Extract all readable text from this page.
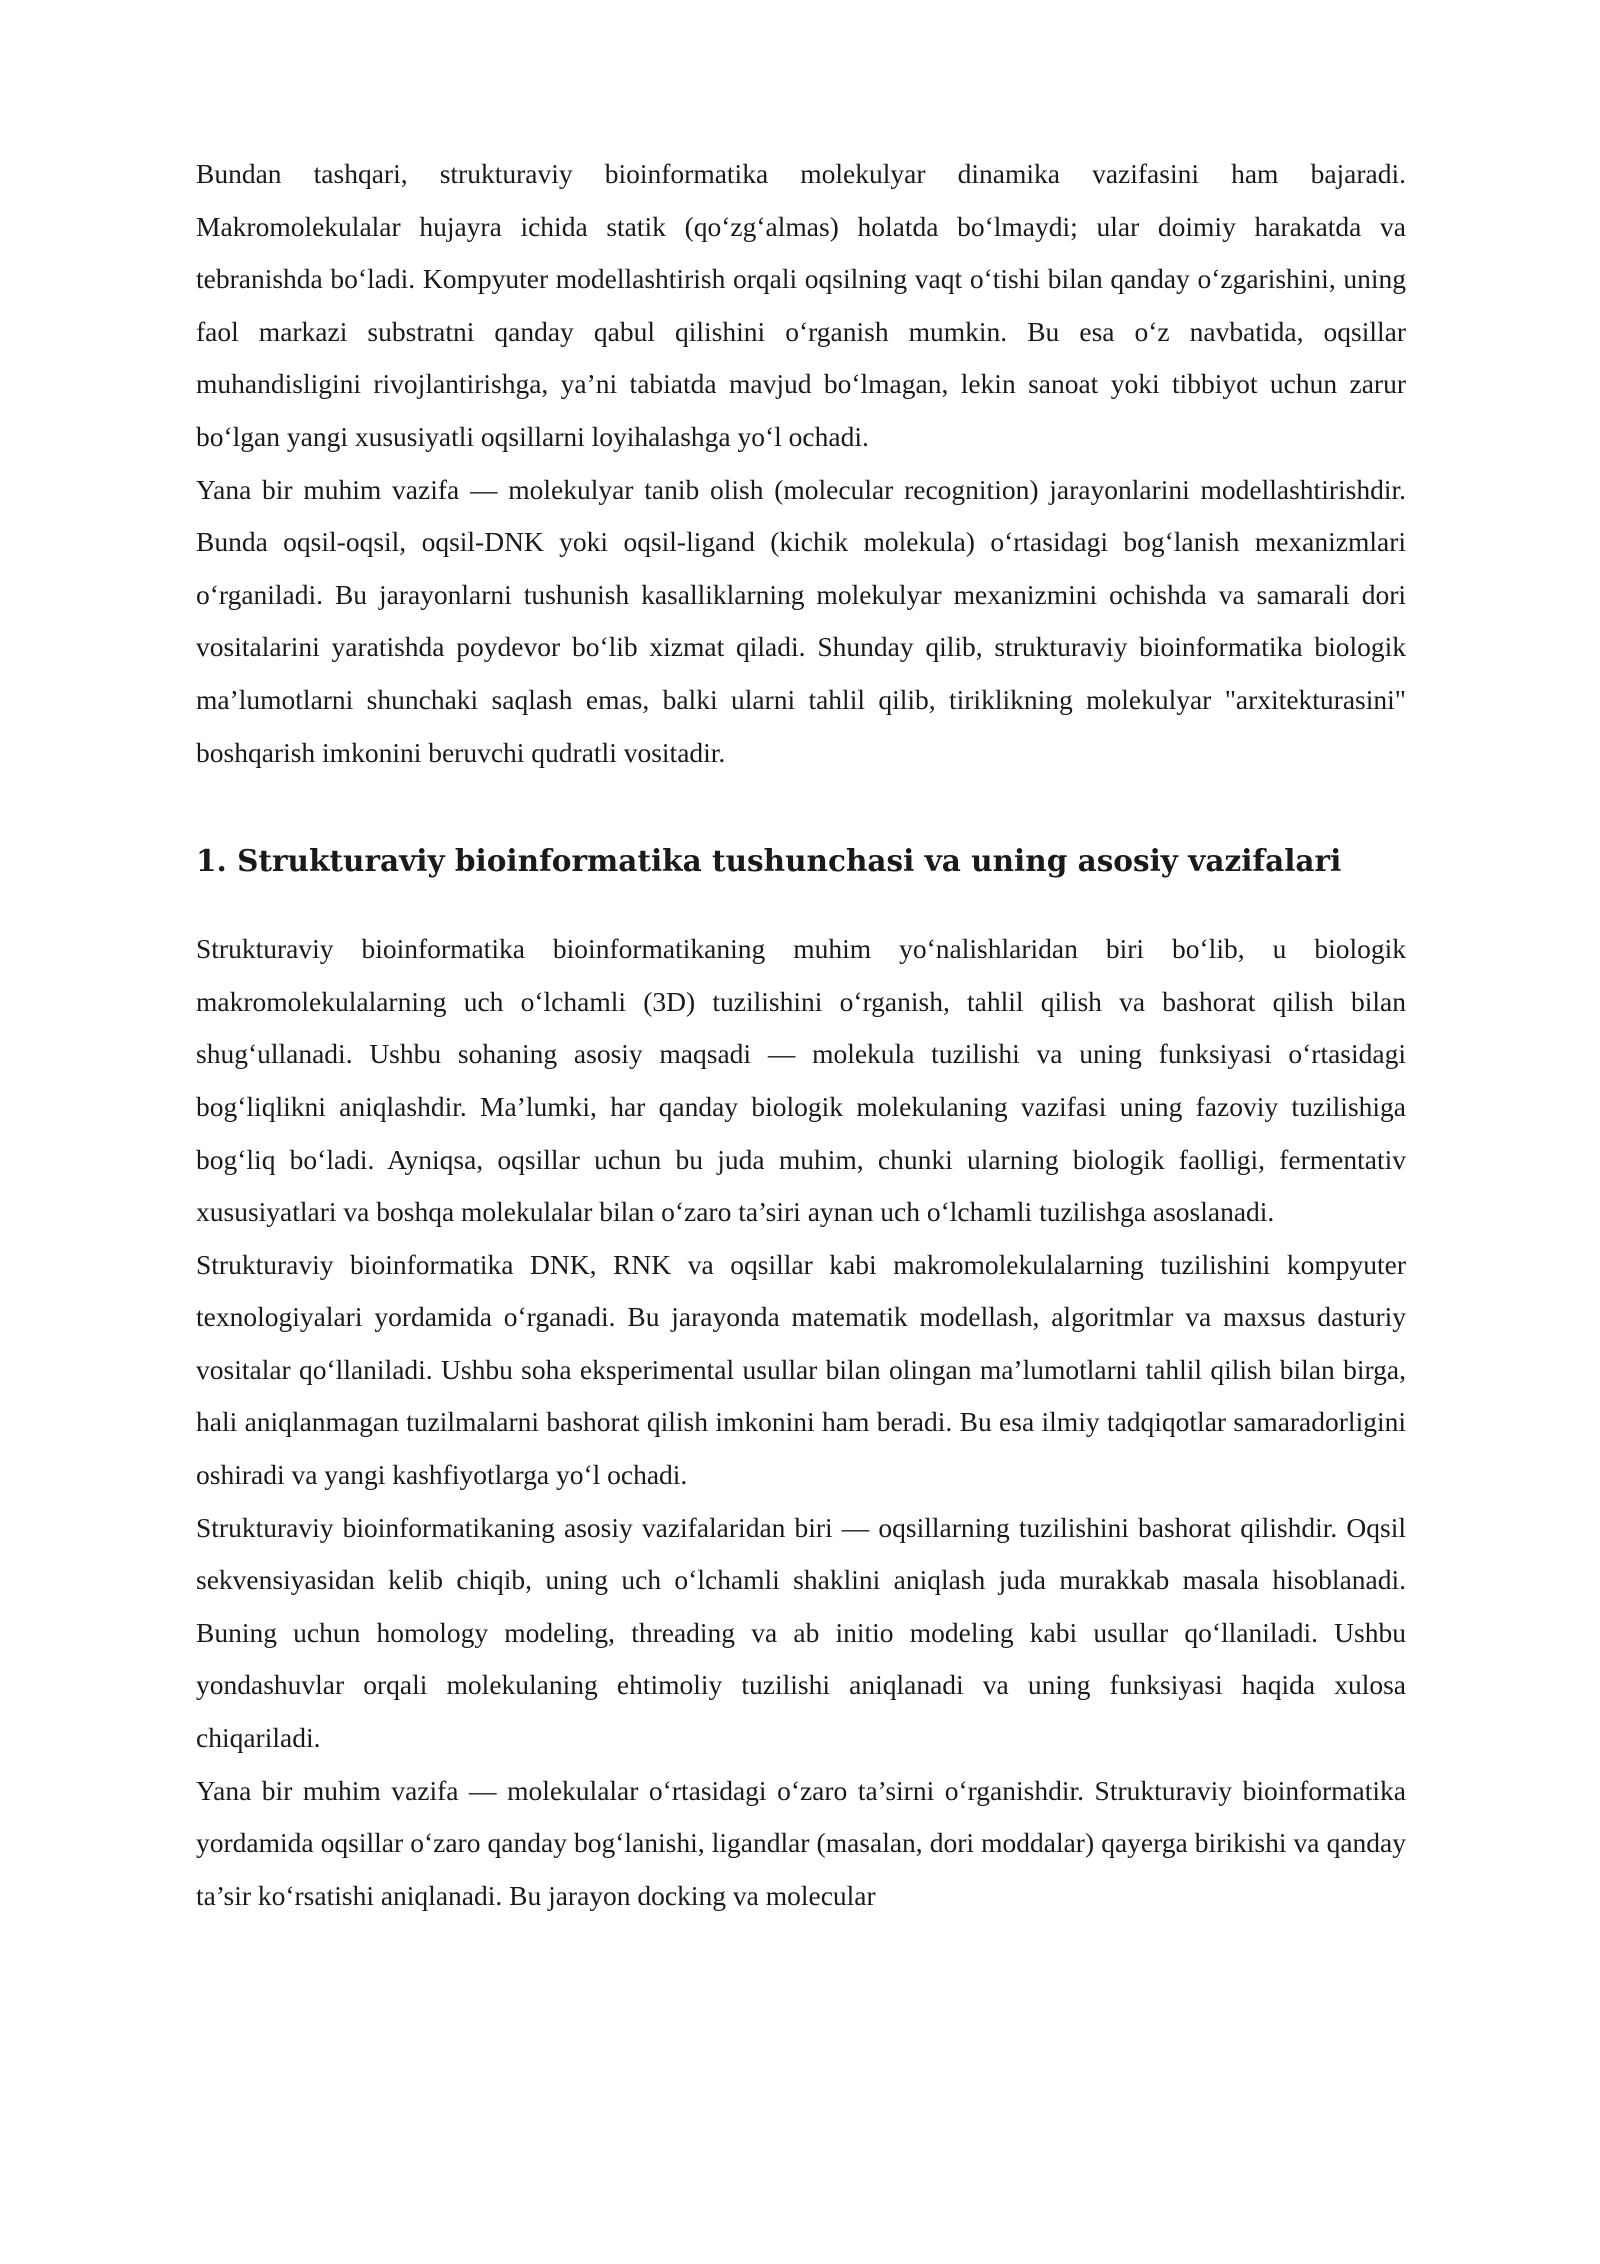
Bundan tashqari, strukturaviy bioinformatika molekulyar dinamika vazifasini ham bajaradi. Makromolekulalar hujayra ichida statik (qo‘zg‘almas) holatda bo‘lmaydi; ular doimiy harakatda va tebranishda bo‘ladi. Kompyuter modellashtirish orqali oqsilning vaqt o‘tishi bilan qanday o‘zgarishini, uning faol markazi substratni qanday qabul qilishini o‘rganish mumkin. Bu esa o‘z navbatida, oqsillar muhandisligini rivojlantirishga, ya’ni tabiatda mavjud bo‘lmagan, lekin sanoat yoki tibbiyot uchun zarur bo‘lgan yangi xususiyatli oqsillarni loyihalashga yo‘l ochadi.

Yana bir muhim vazifa — molekulyar tanib olish (molecular recognition) jarayonlarini modellashtirishdir. Bunda oqsil-oqsil, oqsil-DNK yoki oqsil-ligand (kichik molekula) o‘rtasidagi bog‘lanish mexanizmlari o‘rganiladi. Bu jarayonlarni tushunish kasalliklarning molekulyar mexanizmini ochishda va samarali dori vositalarini yaratishda poydevor bo‘lib xizmat qiladi. Shunday qilib, strukturaviy bioinformatika biologik ma’lumotlarni shunchaki saqlash emas, balki ularni tahlil qilib, tiriklikning molekulyar "arxitekturasini" boshqarish imkonini beruvchi qudratli vositadir.

1. Strukturaviy bioinformatika tushunchasi va uning asosiy vazifalari

Strukturaviy bioinformatika bioinformatikaning muhim yo‘nalishlaridan biri bo‘lib, u biologik makromolekulalarning uch o‘lchamli (3D) tuzilishini o‘rganish, tahlil qilish va bashorat qilish bilan shug‘ullanadi. Ushbu sohaning asosiy maqsadi — molekula tuzilishi va uning funksiyasi o‘rtasidagi bog‘liqlikni aniqlashdir. Ma’lumki, har qanday biologik molekulaning vazifasi uning fazoviy tuzilishiga bog‘liq bo‘ladi. Ayniqsa, oqsillar uchun bu juda muhim, chunki ularning biologik faolligi, fermentativ xususiyatlari va boshqa molekulalar bilan o‘zaro ta’siri aynan uch o‘lchamli tuzilishga asoslanadi.

Strukturaviy bioinformatika DNK, RNK va oqsillar kabi makromolekulalarning tuzilishini kompyuter texnologiyalari yordamida o‘rganadi. Bu jarayonda matematik modellash, algoritmlar va maxsus dasturiy vositalar qo‘llaniladi. Ushbu soha eksperimental usullar bilan olingan ma’lumotlarni tahlil qilish bilan birga, hali aniqlanmagan tuzilmalarni bashorat qilish imkonini ham beradi. Bu esa ilmiy tadqiqotlar samaradorligini oshiradi va yangi kashfiyotlarga yo‘l ochadi.

Strukturaviy bioinformatikaning asosiy vazifalaridan biri — oqsillarning tuzilishini bashorat qilishdir. Oqsil sekvensiyasidan kelib chiqib, uning uch o‘lchamli shaklini aniqlash juda murakkab masala hisoblanadi. Buning uchun homology modeling, threading va ab initio modeling kabi usullar qo‘llaniladi. Ushbu yondashuvlar orqali molekulaning ehtimoliy tuzilishi aniqlanadi va uning funksiyasi haqida xulosa chiqariladi.

Yana bir muhim vazifa — molekulalar o‘rtasidagi o‘zaro ta’sirni o‘rganishdir. Strukturaviy bioinformatika yordamida oqsillar o‘zaro qanday bog‘lanishi, ligandlar (masalan, dori moddalar) qayerga birikishi va qanday ta’sir ko‘rsatishi aniqlanadi. Bu jarayon docking va molecular
